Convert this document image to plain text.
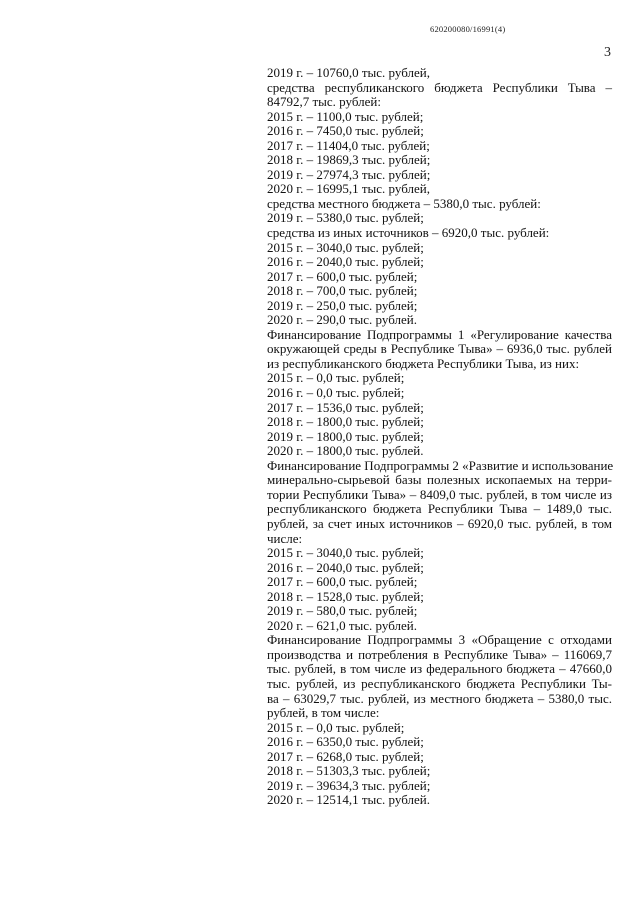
620200080/16991(4)
3
2019 г. – 10760,0 тыс. рублей,
средства республиканского бюджета Республики Тыва –
84792,7 тыс. рублей:
2015 г. – 1100,0 тыс. рублей;
2016 г. – 7450,0 тыс. рублей;
2017 г. – 11404,0 тыс. рублей;
2018 г. – 19869,3 тыс. рублей;
2019 г. – 27974,3 тыс. рублей;
2020 г. – 16995,1 тыс. рублей,
средства местного бюджета – 5380,0 тыс. рублей:
2019 г. – 5380,0 тыс. рублей;
средства из иных источников – 6920,0 тыс. рублей:
2015 г. – 3040,0 тыс. рублей;
2016 г. – 2040,0 тыс. рублей;
2017 г. – 600,0 тыс. рублей;
2018 г. – 700,0 тыс. рублей;
2019 г. – 250,0 тыс. рублей;
2020 г. – 290,0 тыс. рублей.
Финансирование Подпрограммы 1 «Регулирование качества
окружающей среды в Республике Тыва» – 6936,0 тыс. рублей
из республиканского бюджета Республики Тыва, из них:
2015 г. – 0,0 тыс. рублей;
2016 г. – 0,0 тыс. рублей;
2017 г. – 1536,0 тыс. рублей;
2018 г. – 1800,0 тыс. рублей;
2019 г. – 1800,0 тыс. рублей;
2020 г. – 1800,0 тыс. рублей.
Финансирование Подпрограммы 2 «Развитие и использование
минерально-сырьевой базы полезных ископаемых на терри-
тории Республики Тыва» – 8409,0 тыс. рублей, в том числе из
республиканского бюджета Республики Тыва – 1489,0 тыс.
рублей, за счет иных источников – 6920,0 тыс. рублей, в том
числе:
2015 г. – 3040,0 тыс. рублей;
2016 г. – 2040,0 тыс. рублей;
2017 г. – 600,0 тыс. рублей;
2018 г. – 1528,0 тыс. рублей;
2019 г. – 580,0 тыс. рублей;
2020 г. – 621,0 тыс. рублей.
Финансирование Подпрограммы 3 «Обращение с отходами
производства и потребления в Республике Тыва» – 116069,7
тыс. рублей, в том числе из федерального бюджета – 47660,0
тыс. рублей, из республиканского бюджета Республики Ты-
ва – 63029,7 тыс. рублей, из местного бюджета – 5380,0 тыс.
рублей, в том числе:
2015 г. – 0,0 тыс. рублей;
2016 г. – 6350,0 тыс. рублей;
2017 г. – 6268,0 тыс. рублей;
2018 г. – 51303,3 тыс. рублей;
2019 г. – 39634,3 тыс. рублей;
2020 г. – 12514,1 тыс. рублей.
